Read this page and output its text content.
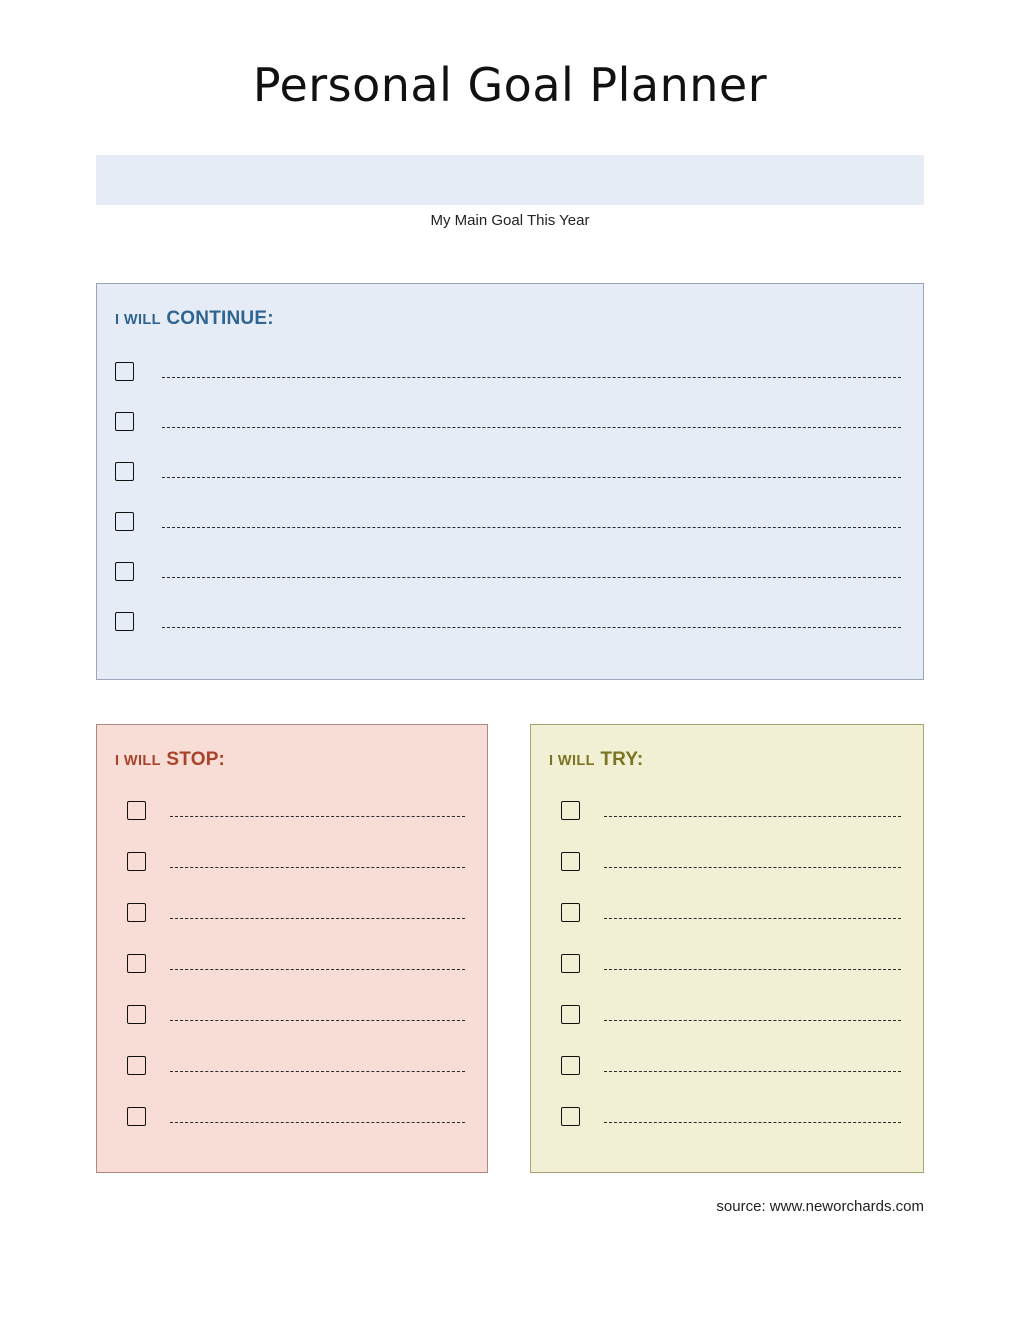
Personal Goal Planner
My Main Goal This Year
I WILL CONTINUE:
I WILL STOP:	I WILL TRY:
source: www.neworchards.com
